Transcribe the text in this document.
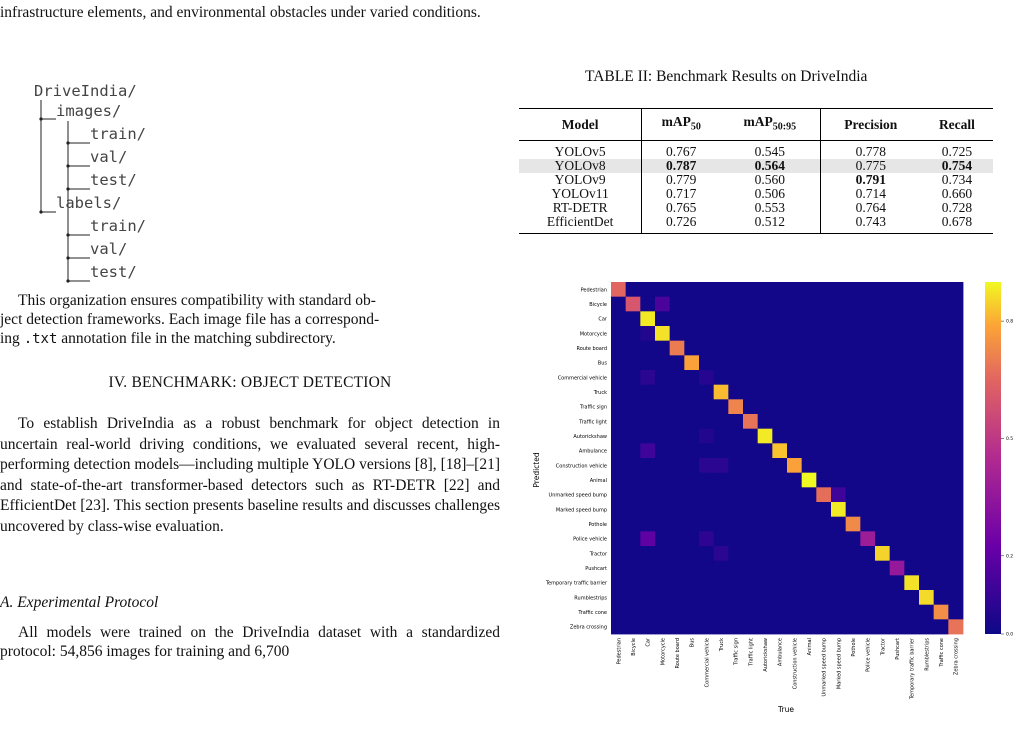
infrastructure elements, and environmental obstacles under varied conditions.
DriveIndia/
images/
train/
val/
test/
labels/
train/
val/
test/

This organization ensures compatibility with standard ob-

ject detection frameworks. Each image file has a correspond-

ing .txt annotation file in the matching subdirectory.

IV. BENCHMARK: OBJECT DETECTION

To establish DriveIndia as a robust benchmark for object detection in uncertain real-world driving conditions, we evaluated several recent, high-performing detection models—including multiple YOLO versions [8], [18]–[21] and state-of-the-art transformer-based detectors such as RT-DETR [22] and EfficientDet [23]. This section presents baseline results and discusses challenges uncovered by class-wise evaluation.

A. Experimental Protocol

All models were trained on the DriveIndia dataset with a standardized protocol: 54,856 images for training and 6,700

TABLE II: Benchmark Results on DriveIndia
Model	mAP$_{50}$	mAP$_{50:95}$	Precision	Recall
YOLOv5	0.767	0.545	0.778	0.725
YOLOv8	0.787	0.564	0.775	0.754
YOLOv9	0.779	0.560	0.791	0.734
YOLOv11	0.717	0.506	0.714	0.660
RT-DETR	0.765	0.553	0.764	0.728
EfficientDet	0.726	0.512	0.743	0.678
Pedestrian
Bicycle
Car
Motorcycle
Route board
Bus
Commercial vehicle
Truck
Traffic sign
Traffic light
Autorickshaw
Ambulance
Construction vehicle
Animal
Unmarked speed bump
Marked speed bump
Pothole
Police vehicle
Tractor
Pushcart
Temporary traffic barrier
Rumblestrips
Traffic cone
Zebra crossing
Pedestrian Bicycle Car Motorcycle Route board Bus Commercial vehicle Truck Traffic sign Traffic light Autorickshaw Ambulance Construction vehicle Animal Unmarked speed bump Marked speed bump Pothole Police vehicle Tractor Pushcart Temporary traffic barrier Rumblestrips Traffic cone Zebra crossing
0.0
0.2
0.5
0.8
True
Predicted
